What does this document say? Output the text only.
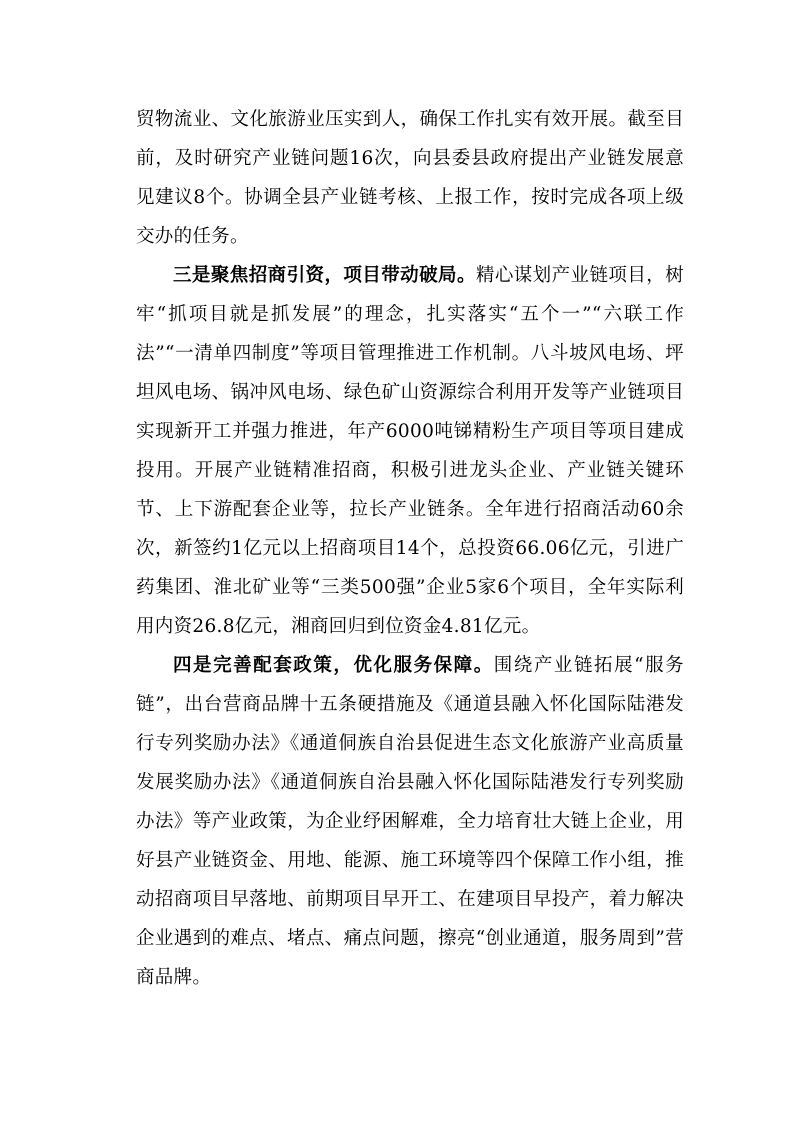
贸物流业、文化旅游业压实到人，确保工作扎实有效开展。截至目前，及时研究产业链问题16次，向县委县政府提出产业链发展意见建议8个。协调全县产业链考核、上报工作，按时完成各项上级交办的任务。

三是聚焦招商引资，项目带动破局。精心谋划产业链项目，树牢“抓项目就是抓发展”的理念，扎实落实“五个一”“六联工作法”“一清单四制度”等项目管理推进工作机制。八斗坡风电场、坪坦风电场、锅冲风电场、绿色矿山资源综合利用开发等产业链项目实现新开工并强力推进，年产6000吨锑精粉生产项目等项目建成投用。开展产业链精准招商，积极引进龙头企业、产业链关键环节、上下游配套企业等，拉长产业链条。全年进行招商活动60余次，新签约1亿元以上招商项目14个，总投资66.06亿元，引进广药集团、淮北矿业等“三类500强”企业5家6个项目，全年实际利用内资26.8亿元，湘商回归到位资金4.81亿元。

四是完善配套政策，优化服务保障。围绕产业链拓展“服务链”，出台营商品牌十五条硬措施及《通道县融入怀化国际陆港发行专列奖励办法》《通道侗族自治县促进生态文化旅游产业高质量发展奖励办法》《通道侗族自治县融入怀化国际陆港发行专列奖励办法》等产业政策，为企业纾困解难，全力培育壮大链上企业，用好县产业链资金、用地、能源、施工环境等四个保障工作小组，推动招商项目早落地、前期项目早开工、在建项目早投产，着力解决企业遇到的难点、堵点、痛点问题，擦亮“创业通道，服务周到”营商品牌。
